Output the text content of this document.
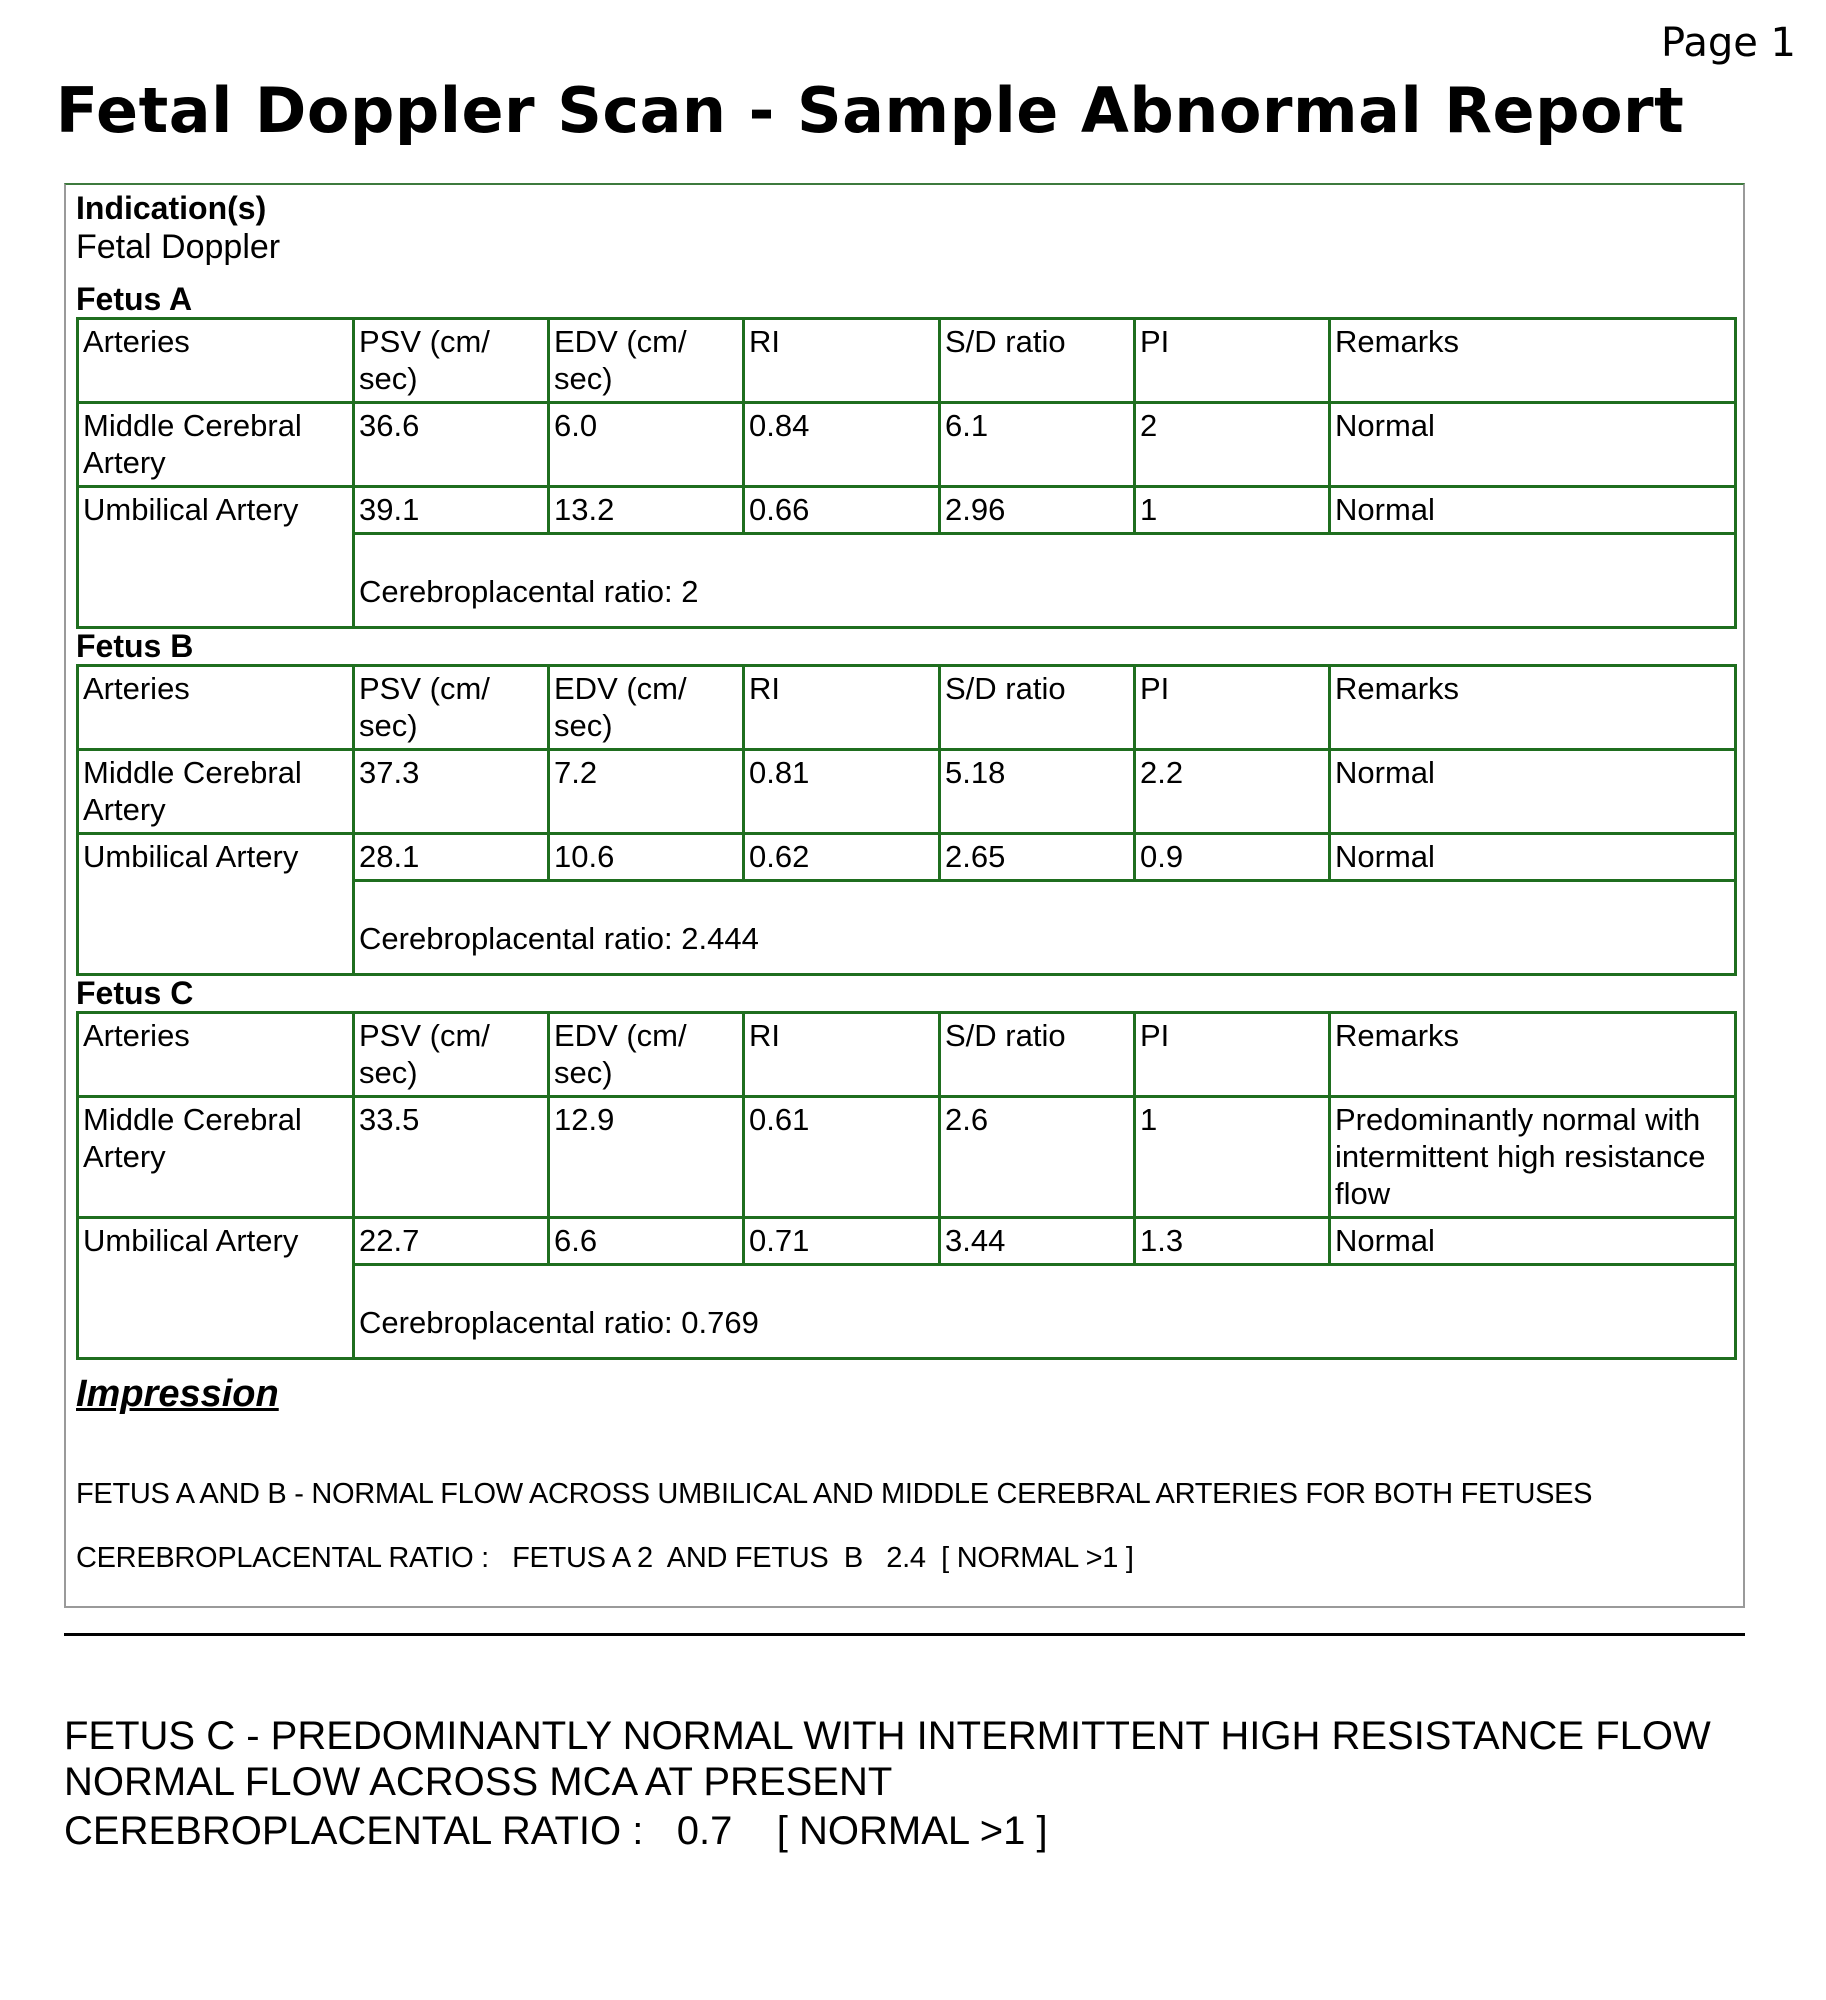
Page 1
Fetal Doppler Scan - Sample Abnormal Report
Indication(s)
Fetal Doppler
Fetus A
Arteries	PSV (cm/ sec)	EDV (cm/ sec)	RI	S/D ratio	PI	Remarks
Middle Cerebral Artery	36.6	6.0	0.84	6.1	2	Normal
Umbilical Artery	39.1	13.2	0.66	2.96	1	Normal
	Cerebroplacental ratio: 2					
Fetus B
Arteries	PSV (cm/ sec)	EDV (cm/ sec)	RI	S/D ratio	PI	Remarks
Middle Cerebral Artery	37.3	7.2	0.81	5.18	2.2	Normal
Umbilical Artery	28.1	10.6	0.62	2.65	0.9	Normal
	Cerebroplacental ratio: 2.444					
Fetus C
Arteries	PSV (cm/ sec)	EDV (cm/ sec)	RI	S/D ratio	PI	Remarks
Middle Cerebral Artery	33.5	12.9	0.61	2.6	1	Predominantly normal with intermittent high resistance flow
Umbilical Artery	22.7	6.6	0.71	3.44	1.3	Normal
	Cerebroplacental ratio: 0.769					
Impression
FETUS A AND B - NORMAL FLOW ACROSS UMBILICAL AND MIDDLE CEREBRAL ARTERIES FOR BOTH FETUSES
CEREBROPLACENTAL RATIO :   FETUS A 2  AND FETUS  B   2.4  [ NORMAL >1 ]
FETUS C - PREDOMINANTLY NORMAL WITH INTERMITTENT HIGH RESISTANCE FLOW
NORMAL FLOW ACROSS MCA AT PRESENT
CEREBROPLACENTAL RATIO :   0.7    [ NORMAL >1 ]
